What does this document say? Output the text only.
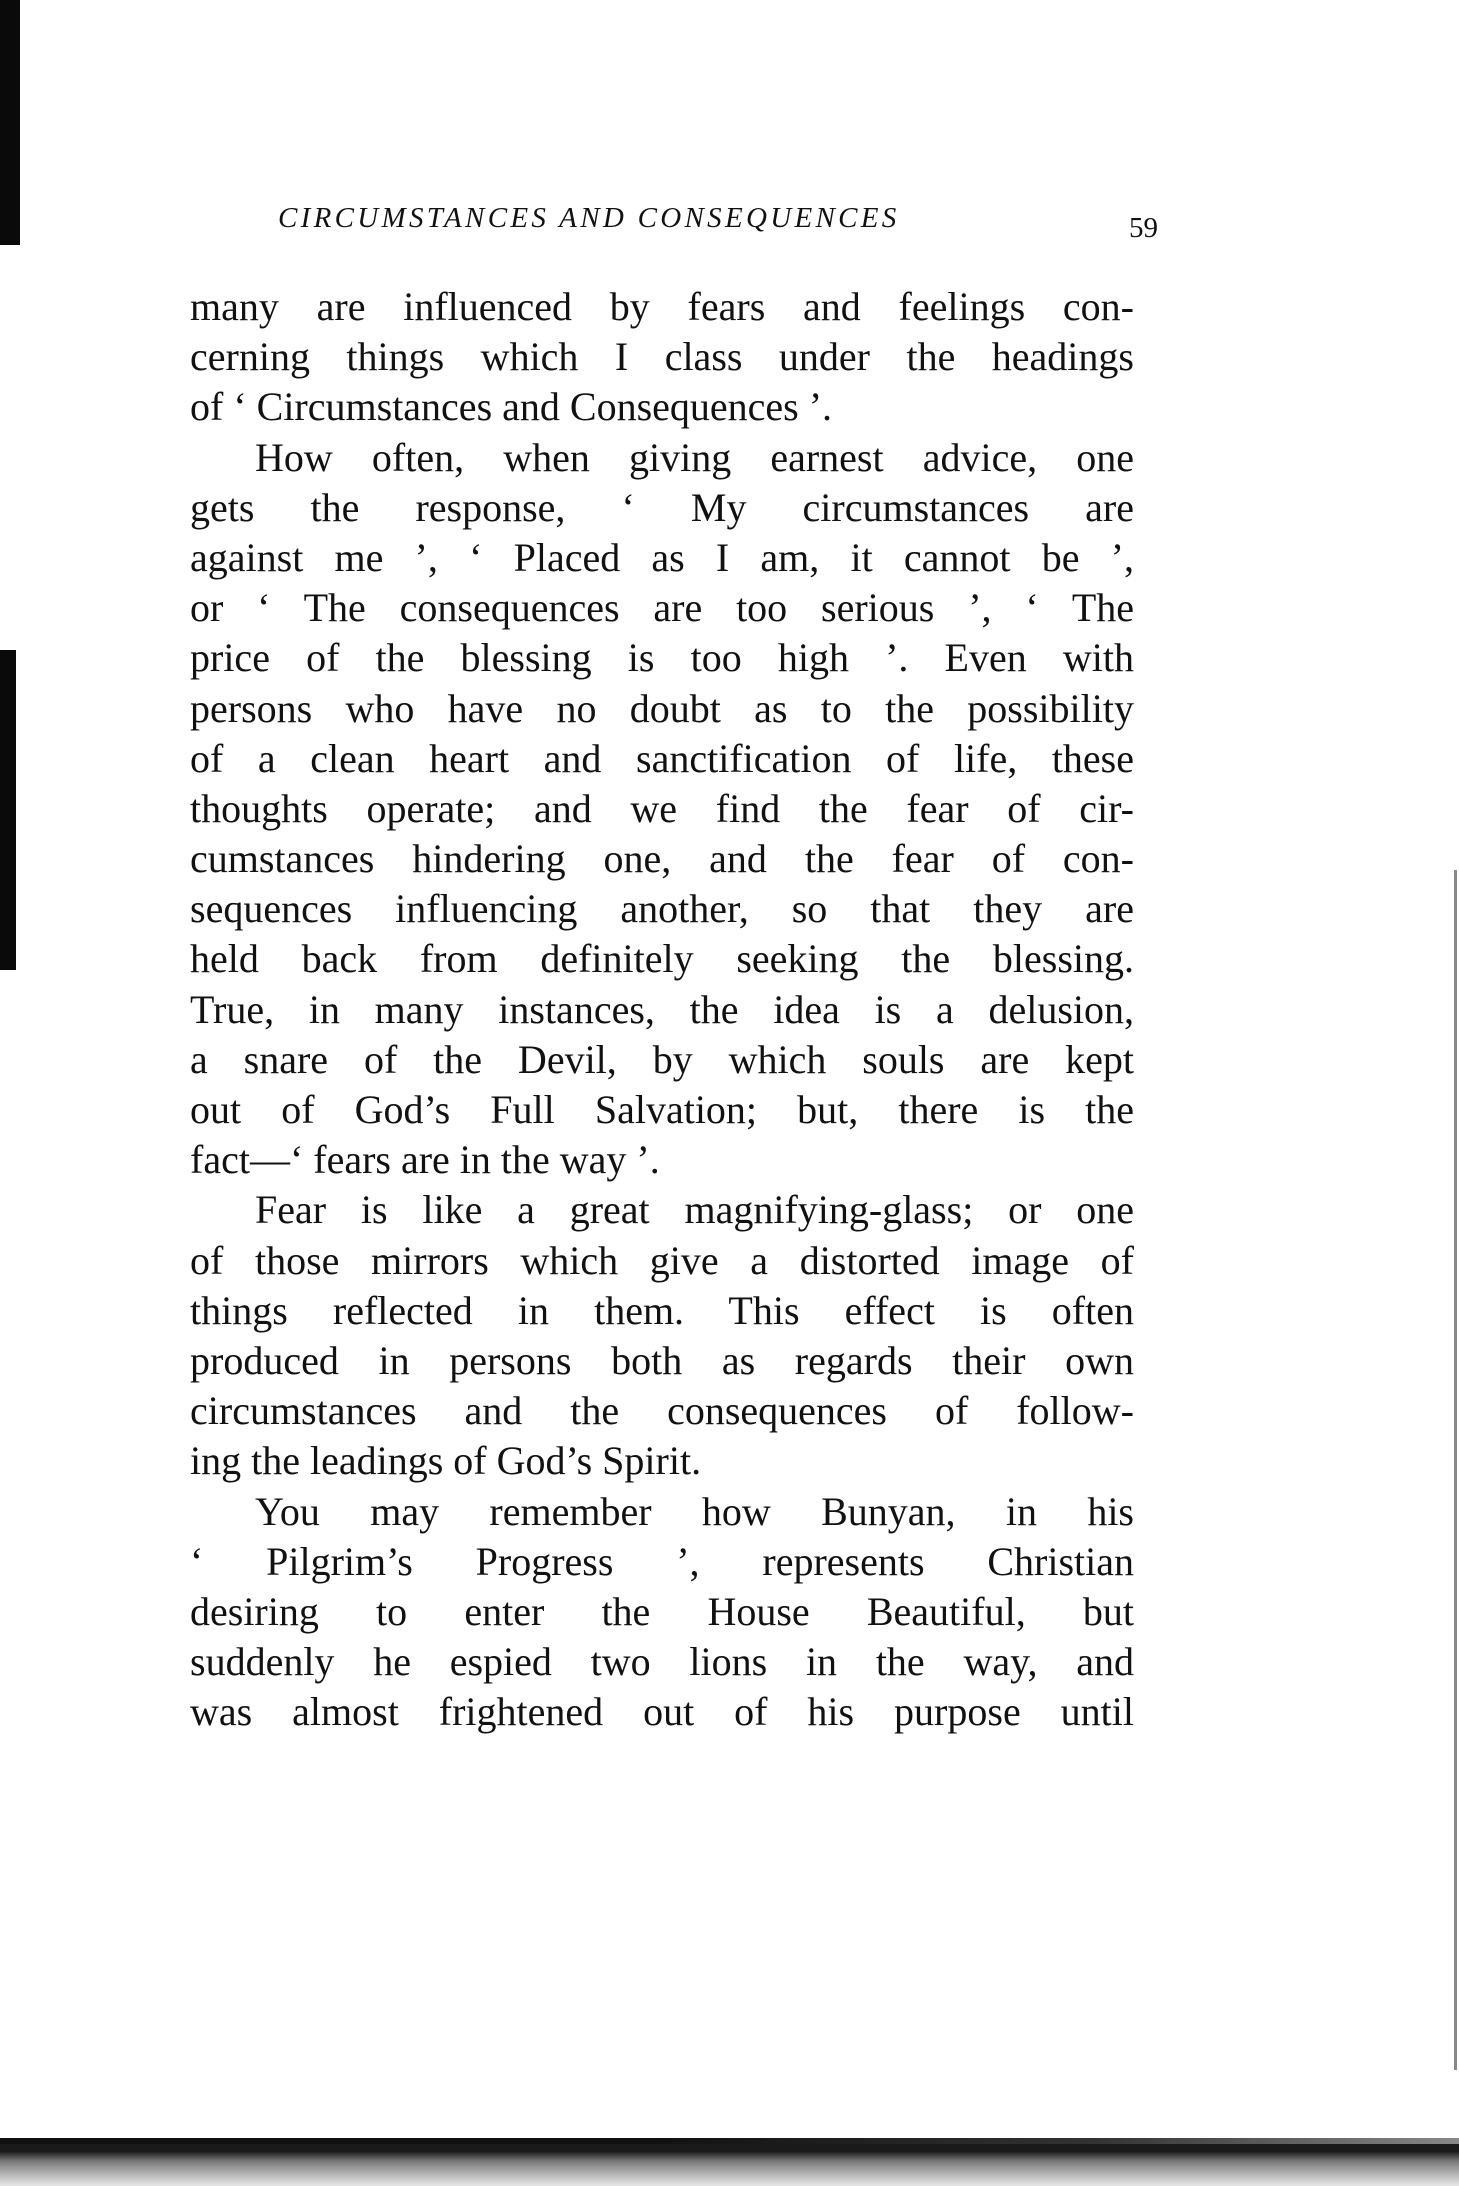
CIRCUMSTANCES AND CONSEQUENCES	59
many are influenced by fears and feelings con-
cerning things which I class under the headings
of ‘ Circumstances and Consequences ’.
How often, when giving earnest advice, one
gets the response, ‘ My circumstances are
against me ’, ‘ Placed as I am, it cannot be ’,
or ‘ The consequences are too serious ’, ‘ The
price of the blessing is too high ’. Even with
persons who have no doubt as to the possibility
of a clean heart and sanctification of life, these
thoughts operate; and we find the fear of cir-
cumstances hindering one, and the fear of con-
sequences influencing another, so that they are
held back from definitely seeking the blessing.
True, in many instances, the idea is a delusion,
a snare of the Devil, by which souls are kept
out of God’s Full Salvation; but, there is the
fact—‘ fears are in the way ’.
Fear is like a great magnifying-glass; or one
of those mirrors which give a distorted image of
things reflected in them. This effect is often
produced in persons both as regards their own
circumstances and the consequences of follow-
ing the leadings of God’s Spirit.
You may remember how Bunyan, in his
‘ Pilgrim’s Progress ’, represents Christian
desiring to enter the House Beautiful, but
suddenly he espied two lions in the way, and
was almost frightened out of his purpose until
